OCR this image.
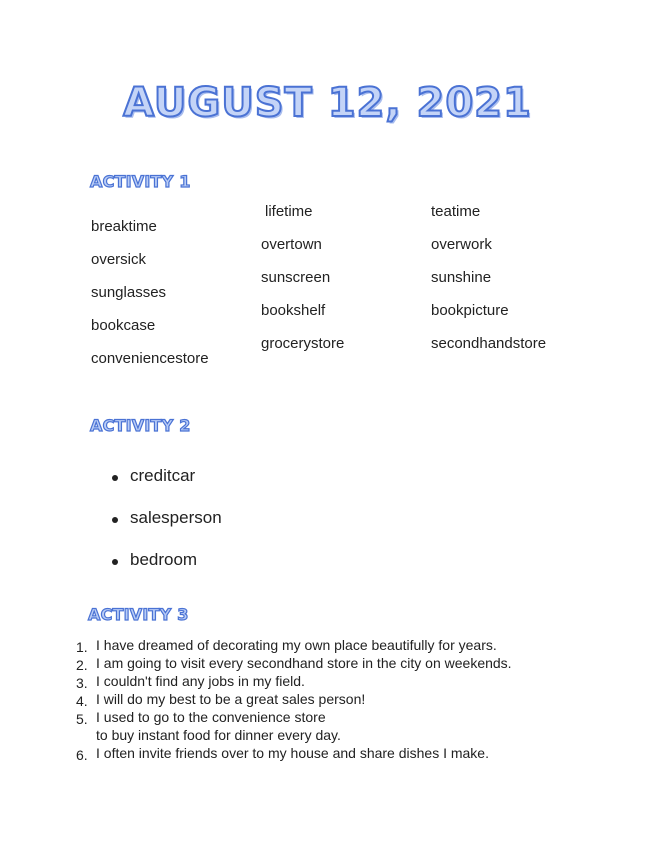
AUGUST 12, 2021
ACTIVITY 1
breaktime
oversick
sunglasses
bookcase
conveniencestore
lifetime
overtown
sunscreen
bookshelf
grocerystore
teatime
overwork
sunshine
bookpicture
secondhandstore
ACTIVITY 2
creditcar
salesperson
bedroom
ACTIVITY 3
1. I have dreamed of decorating my own place beautifully for years.
2. I am going to visit every secondhand store in the city on weekends.
3. I couldn't find any jobs in my field.
4. I will do my best to be a great sales person!
5. I used to go to the convenience store
to buy instant food for dinner every day.
6. I often invite friends over to my house and share dishes I make.
